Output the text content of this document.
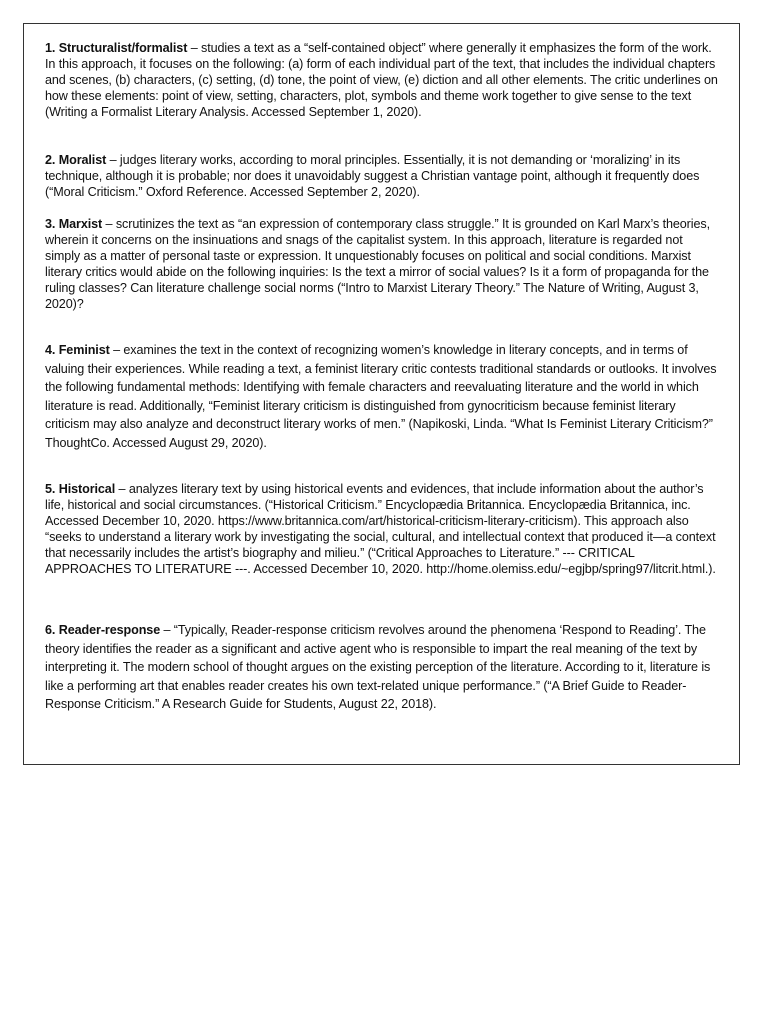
1. Structuralist/formalist – studies a text as a “self-contained object” where generally it emphasizes the form of the work. In this approach, it focuses on the following: (a) form of each individual part of the text, that includes the individual chapters and scenes, (b) characters, (c) setting, (d) tone, the point of view, (e) diction and all other elements. The critic underlines on how these elements: point of view, setting, characters, plot, symbols and theme work together to give sense to the text (Writing a Formalist Literary Analysis. Accessed September 1, 2020).

2. Moralist – judges literary works, according to moral principles. Essentially, it is not demanding or ‘moralizing’ in its technique, although it is probable; nor does it unavoidably suggest a Christian vantage point, although it frequently does (“Moral Criticism.” Oxford Reference. Accessed September 2, 2020).

3. Marxist – scrutinizes the text as “an expression of contemporary class struggle.” It is grounded on Karl Marx’s theories, wherein it concerns on the insinuations and snags of the capitalist system. In this approach, literature is regarded not simply as a matter of personal taste or expression. It unquestionably focuses on political and social conditions. Marxist literary critics would abide on the following inquiries: Is the text a mirror of social values? Is it a form of propaganda for the ruling classes? Can literature challenge social norms (“Intro to Marxist Literary Theory.” The Nature of Writing, August 3, 2020)?

4. Feminist – examines the text in the context of recognizing women’s knowledge in literary concepts, and in terms of valuing their experiences. While reading a text, a feminist literary critic contests traditional standards or outlooks. It involves the following fundamental methods: Identifying with female characters and reevaluating literature and the world in which literature is read. Additionally, “Feminist literary criticism is distinguished from gynocriticism because feminist literary criticism may also analyze and deconstruct literary works of men.” (Napikoski, Linda. “What Is Feminist Literary Criticism?” ThoughtCo. Accessed August 29, 2020).

5. Historical – analyzes literary text by using historical events and evidences, that include information about the author’s life, historical and social circumstances. (“Historical Criticism.” Encyclopædia Britannica. Encyclopædia Britannica, inc. Accessed December 10, 2020. https://www.britannica.com/art/historical-criticism-literary-criticism). This approach also “seeks to understand a literary work by investigating the social, cultural, and intellectual context that produced it—a context that necessarily includes the artist’s biography and milieu.” (“Critical Approaches to Literature.” --- CRITICAL APPROACHES TO LITERATURE ---. Accessed December 10, 2020. http://home.olemiss.edu/~egjbp/spring97/litcrit.html.).

6. Reader-response – “Typically, Reader-response criticism revolves around the phenomena ‘Respond to Reading’. The theory identifies the reader as a significant and active agent who is responsible to impart the real meaning of the text by interpreting it. The modern school of thought argues on the existing perception of the literature. According to it, literature is like a performing art that enables reader creates his own text-related unique performance.” (“A Brief Guide to Reader-Response Criticism.” A Research Guide for Students, August 22, 2018).
